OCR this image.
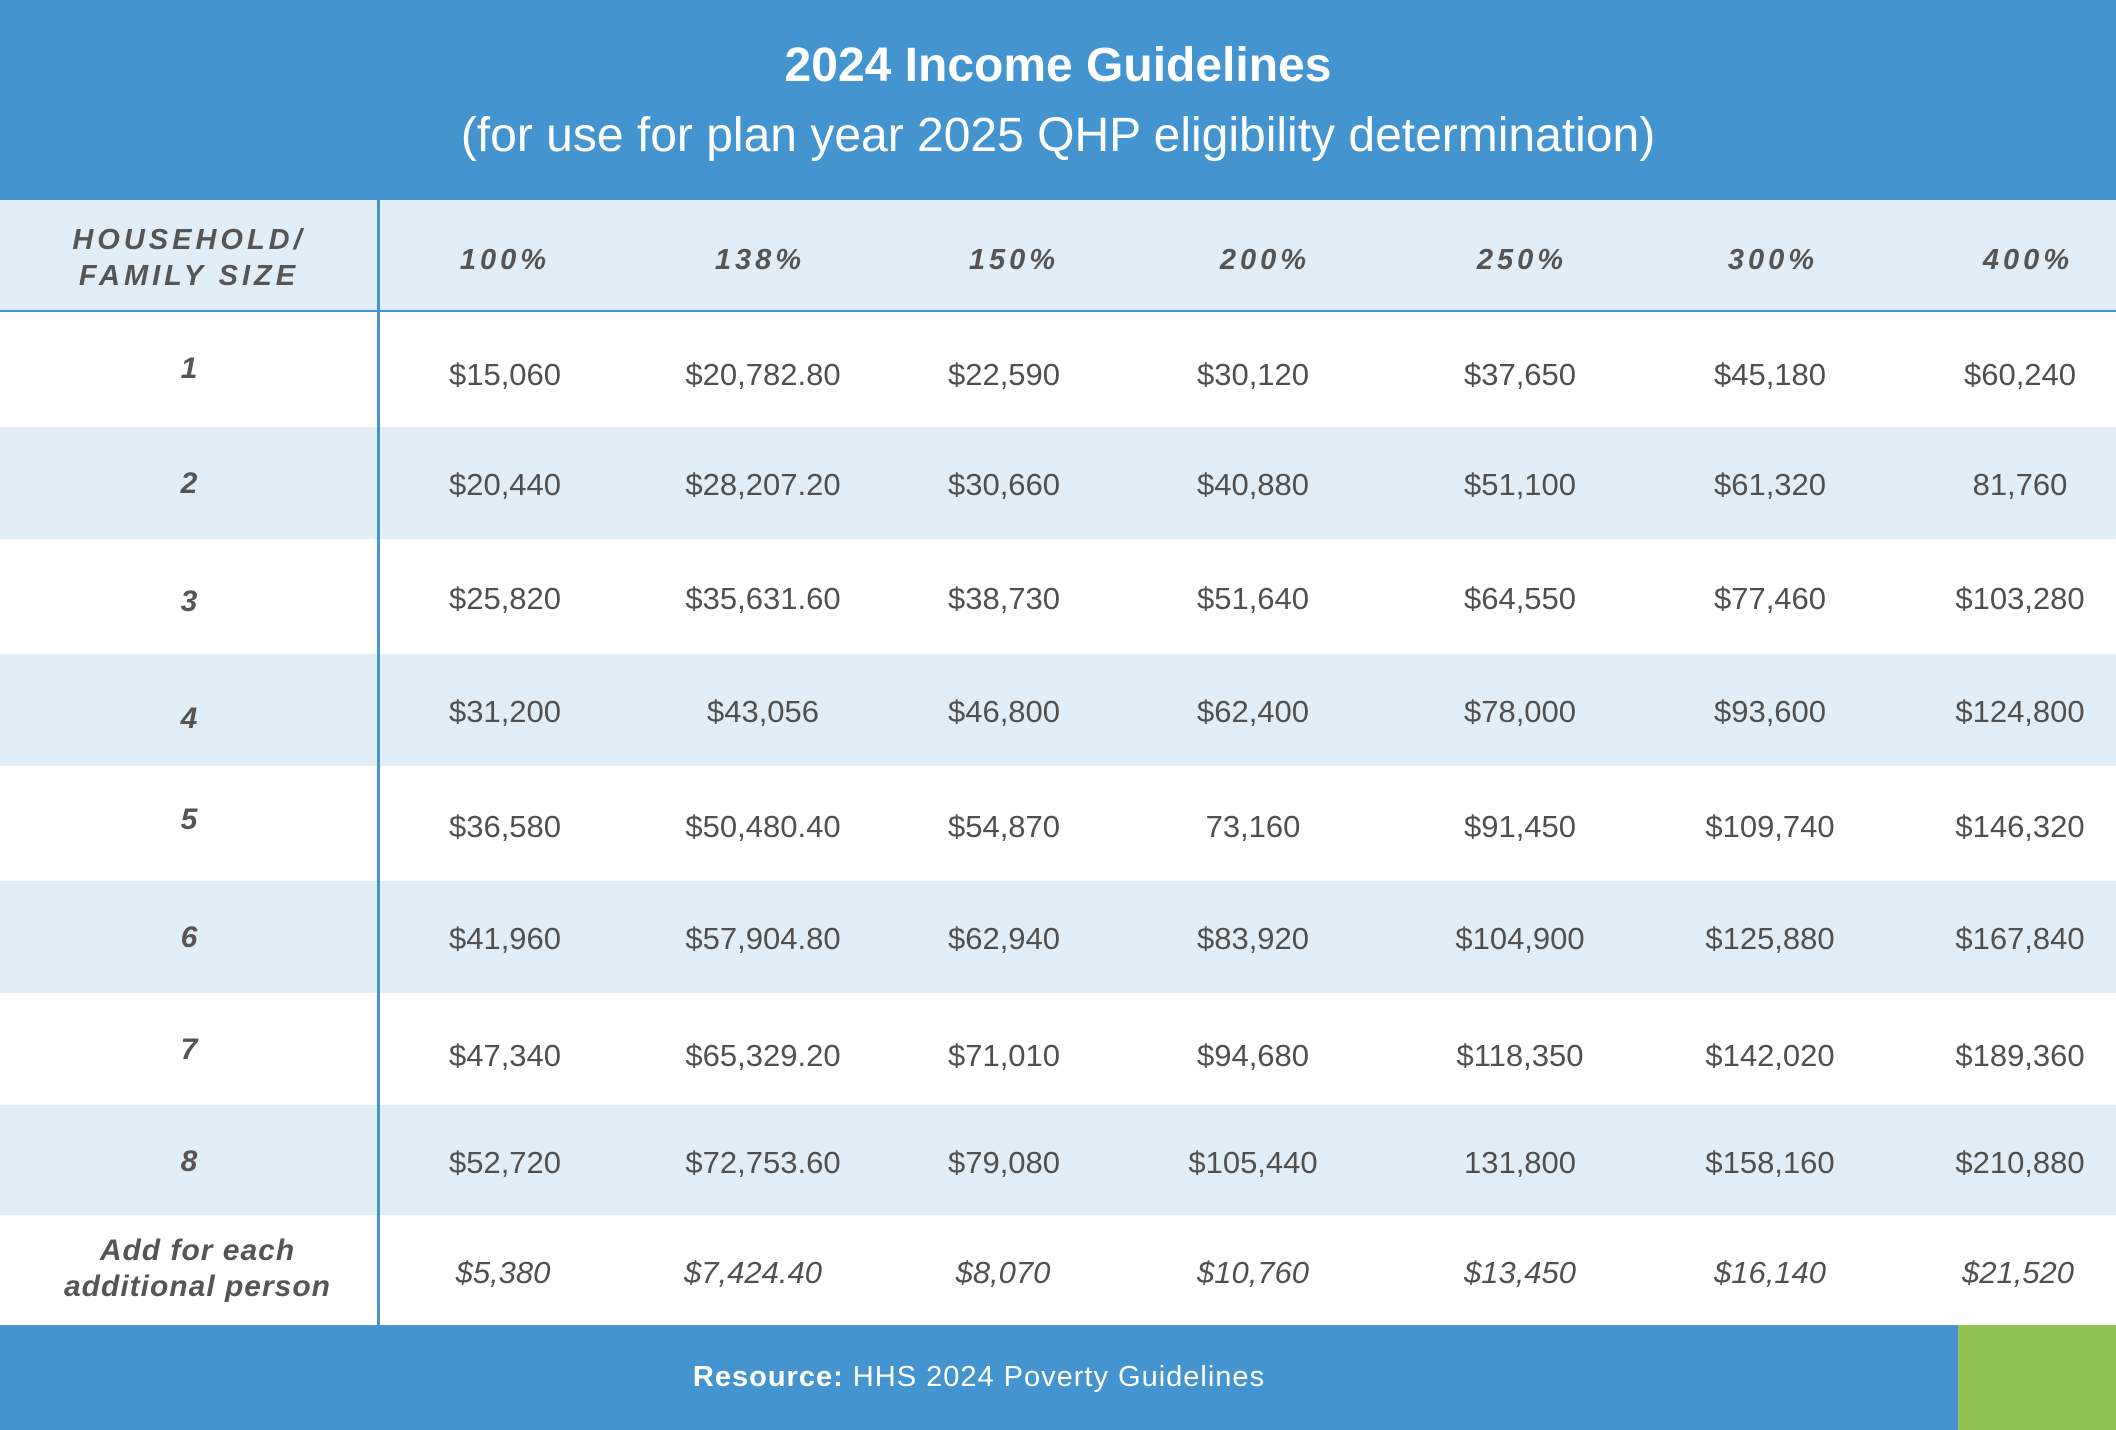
2024 Income Guidelines
(for use for plan year 2025 QHP eligibility determination)
HOUSEHOLD/
FAMILY SIZE	100%	138%	150%	200%	250%	300%	400%
1	$15,060	$20,782.80	$22,590	$30,120	$37,650	$45,180	$60,240
2	$20,440	$28,207.20	$30,660	$40,880	$51,100	$61,320	81,760
3	$25,820	$35,631.60	$38,730	$51,640	$64,550	$77,460	$103,280
4	$31,200	$43,056	$46,800	$62,400	$78,000	$93,600	$124,800
5	$36,580	$50,480.40	$54,870	73,160	$91,450	$109,740	$146,320
6	$41,960	$57,904.80	$62,940	$83,920	$104,900	$125,880	$167,840
7	$47,340	$65,329.20	$71,010	$94,680	$118,350	$142,020	$189,360
8	$52,720	$72,753.60	$79,080	$105,440	131,800	$158,160	$210,880
Add for each
additional person	$5,380	$7,424.40	$8,070	$10,760	$13,450	$16,140	$21,520
Resource: HHS 2024 Poverty Guidelines
